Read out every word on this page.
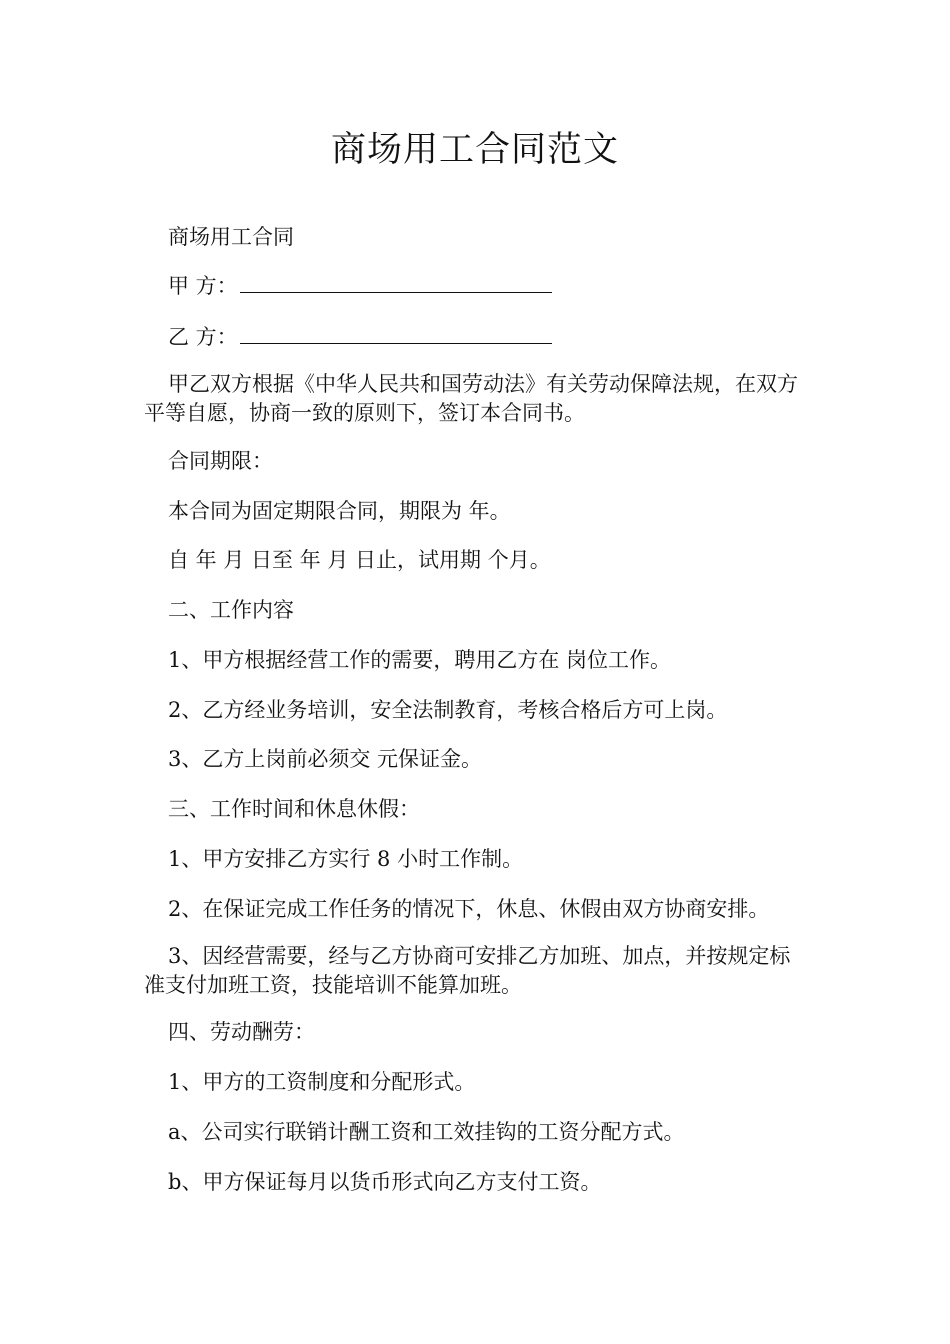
商场用工合同范文
商场用工合同
甲 方：
乙 方：
甲乙双方根据《中华人民共和国劳动法》有关劳动保障法规，在双方平等自愿，协商一致的原则下，签订本合同书。
合同期限：
本合同为固定期限合同，期限为 年。
自 年 月 日至 年 月 日止，试用期 个月。
二、工作内容
1、甲方根据经营工作的需要，聘用乙方在 岗位工作。
2、乙方经业务培训，安全法制教育，考核合格后方可上岗。
3、乙方上岗前必须交 元保证金。
三、工作时间和休息休假：
1、甲方安排乙方实行 8 小时工作制。
2、在保证完成工作任务的情况下，休息、休假由双方协商安排。
3、因经营需要，经与乙方协商可安排乙方加班、加点，并按规定标准支付加班工资，技能培训不能算加班。
四、劳动酬劳：
1、甲方的工资制度和分配形式。
a、公司实行联销计酬工资和工效挂钩的工资分配方式。
b、甲方保证每月以货币形式向乙方支付工资。
